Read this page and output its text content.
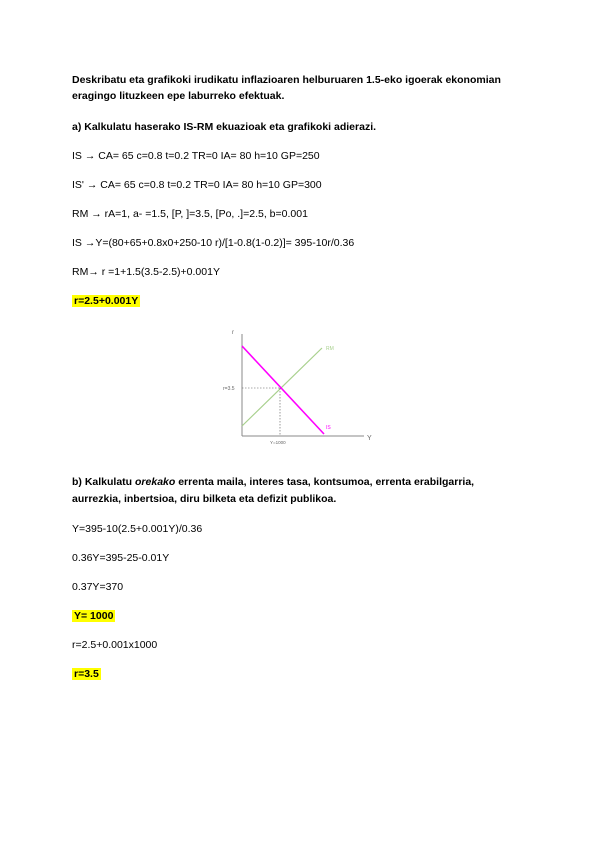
Deskribatu eta grafikoki irudikatu inflazioaren helburuaren 1.5-eko igoerak ekonomian
eragingo lituzkeen epe laburreko efektuak.
a) Kalkulatu haserako IS-RM ekuazioak eta grafikoki adierazi.
IS → CA= 65 c=0.8 t=0.2 TR=0 IA= 80 h=10 GP=250
IS' → CA= 65 c=0.8 t=0.2 TR=0 IA= 80 h=10 GP=300
RM → rA=1, a- =1.5, [P, ]=3.5, [Po, .]=2.5, b=0.001
IS →Y=(80+65+0.8x0+250-10 r)/[1-0.8(1-0.2)]= 395-10r/0.36
RM→ r =1+1.5(3.5-2.5)+0.001Y
r=2.5+0.001Y
r
Y
RM
IS
r=3.5
Y=1000
b) Kalkulatu orekako errenta maila, interes tasa, kontsumoa, errenta erabilgarria,
aurrezkia, inbertsioa, diru bilketa eta defizit publikoa.
Y=395-10(2.5+0.001Y)/0.36
0.36Y=395-25-0.01Y
0.37Y=370
Y= 1000
r=2.5+0.001x1000
r=3.5
